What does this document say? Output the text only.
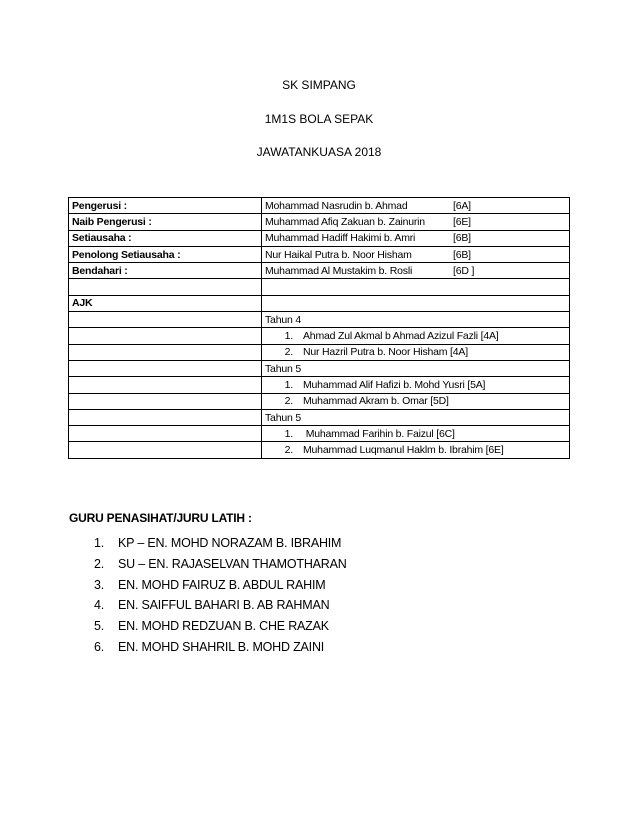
SK SIMPANG
1M1S BOLA SEPAK
JAWATANKUASA 2018
Pengerusi :	Mohammad Nasrudin b. Ahmad [6A]

Naib Pengerusi :	Muhammad Afiq Zakuan b. Zainurin [6E]

Setiausaha :	Muhammad Hadiff Hakimi b. Amri [6B]

Penolong Setiausaha :	Nur Haikal Putra b. Noor Hisham [6B]

Bendahari :	Muhammad Al Mustakim b. Rosli [6D ]

AJK	
	Tahun 4
	1. Ahmad Zul Akmal b Ahmad Azizul Fazli [4A]
	2. Nur Hazril Putra b. Noor Hisham [4A]
	Tahun 5
	1. Muhammad Alif Hafizi b. Mohd Yusri [5A]
	2. Muhammad Akram b. Omar [5D]
	Tahun 5
	1. Muhammad Farihin b. Faizul [6C]
	2. Muhammad Luqmanul Haklm b. Ibrahim [6E]
GURU PENASIHAT/JURU LATIH :
1.	KP – EN. MOHD NORAZAM B. IBRAHIM
2.	SU – EN. RAJASELVAN THAMOTHARAN
3.	EN. MOHD FAIRUZ B. ABDUL RAHIM
4.	EN. SAIFFUL BAHARI B. AB RAHMAN
5.	EN. MOHD REDZUAN B. CHE RAZAK
6.	EN. MOHD SHAHRIL B. MOHD ZAINI
